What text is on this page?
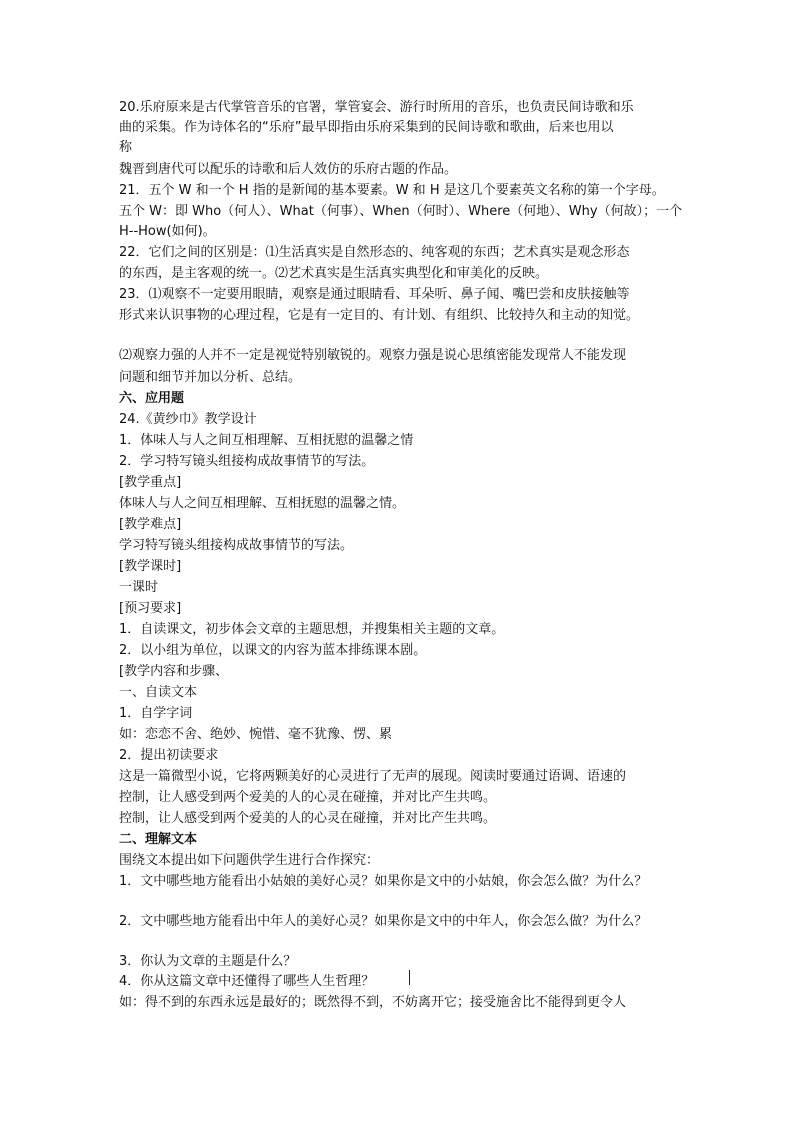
20.乐府原来是古代掌管音乐的官署，掌管宴会、游行时所用的音乐，也负责民间诗歌和乐
曲的采集。作为诗体名的“乐府”最早即指由乐府采集到的民间诗歌和歌曲，后来也用以
称
魏晋到唐代可以配乐的诗歌和后人效仿的乐府古题的作品。
21．五个 W 和一个 H 指的是新闻的基本要素。W 和 H 是这几个要素英文名称的第一个字母。
五个 W：即 Who（何人）、What（何事）、When（何时）、Where（何地）、Why（何故）；一个
H--How(如何)。
22．它们之间的区别是：⑴生活真实是自然形态的、纯客观的东西；艺术真实是观念形态
的东西，是主客观的统一。⑵艺术真实是生活真实典型化和审美化的反映。
23．⑴观察不一定要用眼睛，观察是通过眼睛看、耳朵听、鼻子闻、嘴巴尝和皮肤接触等
形式来认识事物的心理过程，它是有一定目的、有计划、有组织、比较持久和主动的知觉。
⑵观察力强的人并不一定是视觉特别敏锐的。观察力强是说心思缜密能发现常人不能发现
问题和细节并加以分析、总结。
六、应用题
24.《黄纱巾》教学设计
1．体味人与人之间互相理解、互相抚慰的温馨之情
2．学习特写镜头组接构成故事情节的写法。
[教学重点]
体味人与人之间互相理解、互相抚慰的温馨之情。
[教学难点]
学习特写镜头组接构成故事情节的写法。
[教学课时]
一课时
[预习要求]
1．自读课文，初步体会文章的主题思想，并搜集相关主题的文章。
2．以小组为单位，以课文的内容为蓝本排练课本剧。
[教学内容和步骤、
一、自读文本
1．自学字词
如：恋恋不舍、绝妙、惋惜、毫不犹豫、愣、累
2．提出初读要求
这是一篇微型小说，它将两颗美好的心灵进行了无声的展现。阅读时要通过语调、语速的
控制，让人感受到两个爱美的人的心灵在碰撞，并对比产生共鸣。
控制，让人感受到两个爱美的人的心灵在碰撞，并对比产生共鸣。
二、理解文本
围绕文本提出如下问题供学生进行合作探究：
1．文中哪些地方能看出小姑娘的美好心灵？如果你是文中的小姑娘，你会怎么做？为什么？
2．文中哪些地方能看出中年人的美好心灵？如果你是文中的中年人，你会怎么做？为什么？
3．你认为文章的主题是什么？
4．你从这篇文章中还懂得了哪些人生哲理？
如：得不到的东西永远是最好的；既然得不到，不妨离开它；接受施舍比不能得到更令人
